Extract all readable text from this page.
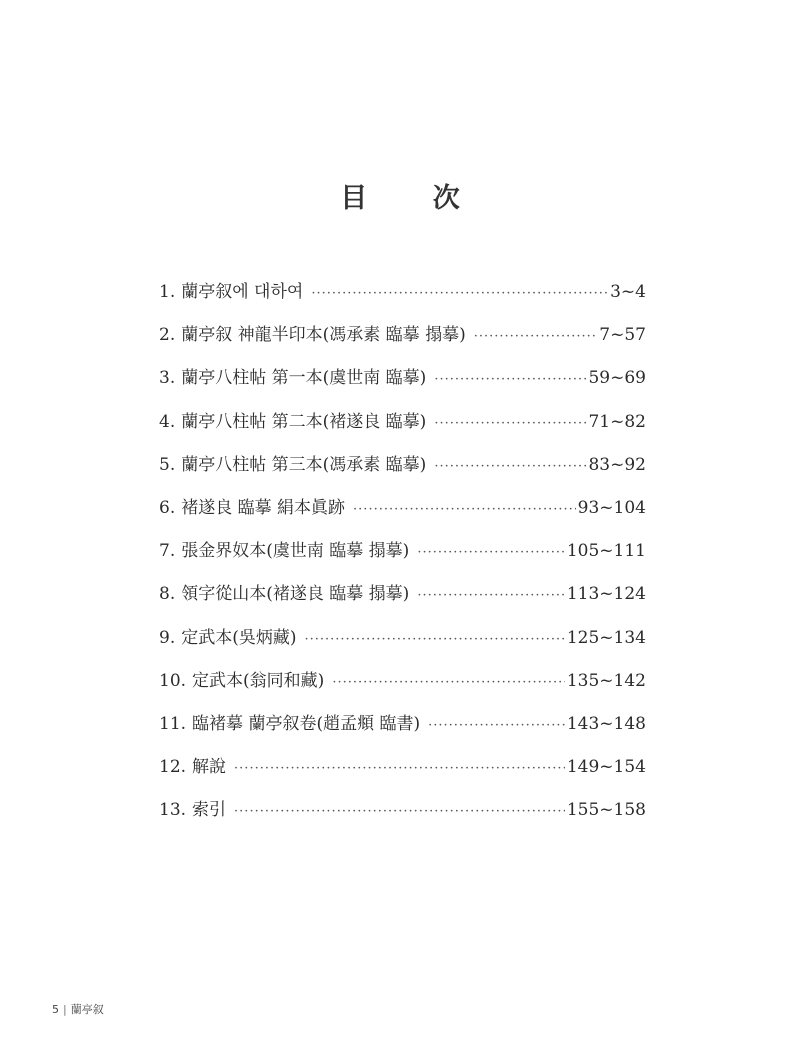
目 次
1. 蘭亭叙에 대하여 ·····	3~4
2. 蘭亭叙 神龍半印本(馮承素 臨摹 搨摹) ·····	7~57
3. 蘭亭八柱帖 第一本(虞世南 臨摹) ·····	59~69
4. 蘭亭八柱帖 第二本(褚遂良 臨摹) ·····	71~82
5. 蘭亭八柱帖 第三本(馮承素 臨摹) ·····	83~92
6. 褚遂良 臨摹 絹本眞跡 ·····	93~104
7. 張金界奴本(虞世南 臨摹 搨摹) ·····	105~111
8. 領字從山本(褚遂良 臨摹 搨摹) ·····	113~124
9. 定武本(吳炳藏) ·····	125~134
10. 定武本(翁同和藏) ·····	135~142
11. 臨褚摹 蘭亭叙卷(趙孟頫 臨書) ·····	143~148
12. 解說 ·····	149~154
13. 索引 ·····	155~158
5 | 蘭亭叙
